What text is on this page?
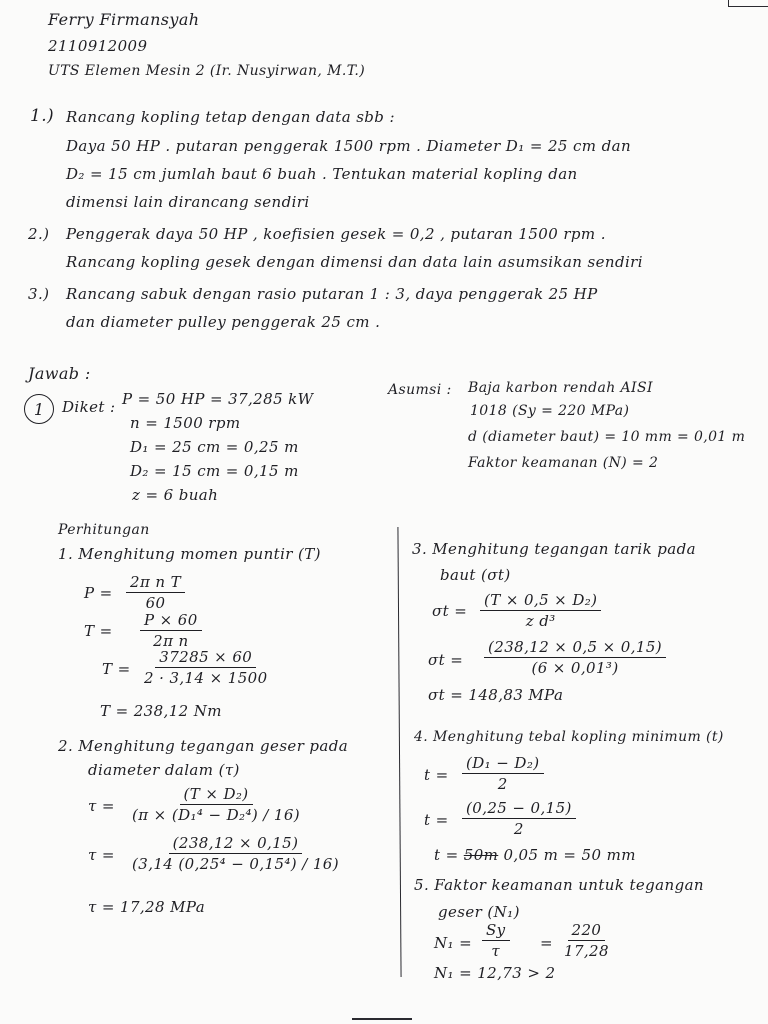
Ferry Firmansyah
2110912009
UTS Elemen Mesin 2 (Ir. Nusyirwan, M.T.)
1.) Rancang kopling tetap dengan data sbb :
Daya 50 HP . putaran penggerak 1500 rpm . Diameter D₁ = 25 cm dan
D₂ = 15 cm jumlah baut 6 buah . Tentukan material kopling dan
dimensi lain dirancang sendiri
2.) Penggerak daya 50 HP , koefisien gesek = 0,2 , putaran 1500 rpm .
Rancang kopling gesek dengan dimensi dan data lain asumsikan sendiri
3.) Rancang sabuk dengan rasio putaran 1 : 3, daya penggerak 25 HP
dan diameter pulley penggerak 25 cm .
Jawab :
1	Diket : P = 50 HP = 37,285 kW
n = 1500 rpm
D₁ = 25 cm = 0,25 m
D₂ = 15 cm = 0,15 m
z = 6 buah
Asumsi : Baja karbon rendah AISI
1018 (Sy = 220 MPa)
d (diameter baut) = 10 mm = 0,01 m
Faktor keamanan (N) = 2
Perhitungan
1. Menghitung momen puntir (T)
$P = \frac{\text{2π n T}}{60}$
$T = \frac{P \times 60}{\text{2π n}}$
$T = \frac{37285 \times 60}{2 \cdot 3,14 \times 1500}$
T = 238,12 Nm
2. Menghitung tegangan geser pada
diameter dalam (τ)
$\tau = \frac{\text{(T × D₂)}}{\text{(π × (D₁⁴ − D₂⁴) / 16)}}$
$\tau = \frac{(238,12 \times 0,15)}{\text{(3,14 (0,25⁴ − 0,15⁴) / 16)}}$
τ = 17,28 MPa
3. Menghitung tegangan tarik pada
baut (σt)
$\sigma t = \frac{\text{(T × 0,5 × D₂)}}{\text{z d³}}$
$\sigma t = \frac{(238,12 \times 0,5 \times 0,15)}{\text{(6 × 0,01³)}}$
σt = 148,83 MPa
4. Menghitung tebal kopling minimum (t)
$t = \frac{\text{(D₁ − D₂)}}{2}$
$t = \frac{(0,25 - 0,15)}{2}$
t = 50m 0,05 m = 50 mm
5. Faktor keamanan untuk tegangan
geser (N₁)
$N_1 = \frac{Sy}{\tau} = \frac{220}{17,28}$
N₁ = 12,73 > 2
